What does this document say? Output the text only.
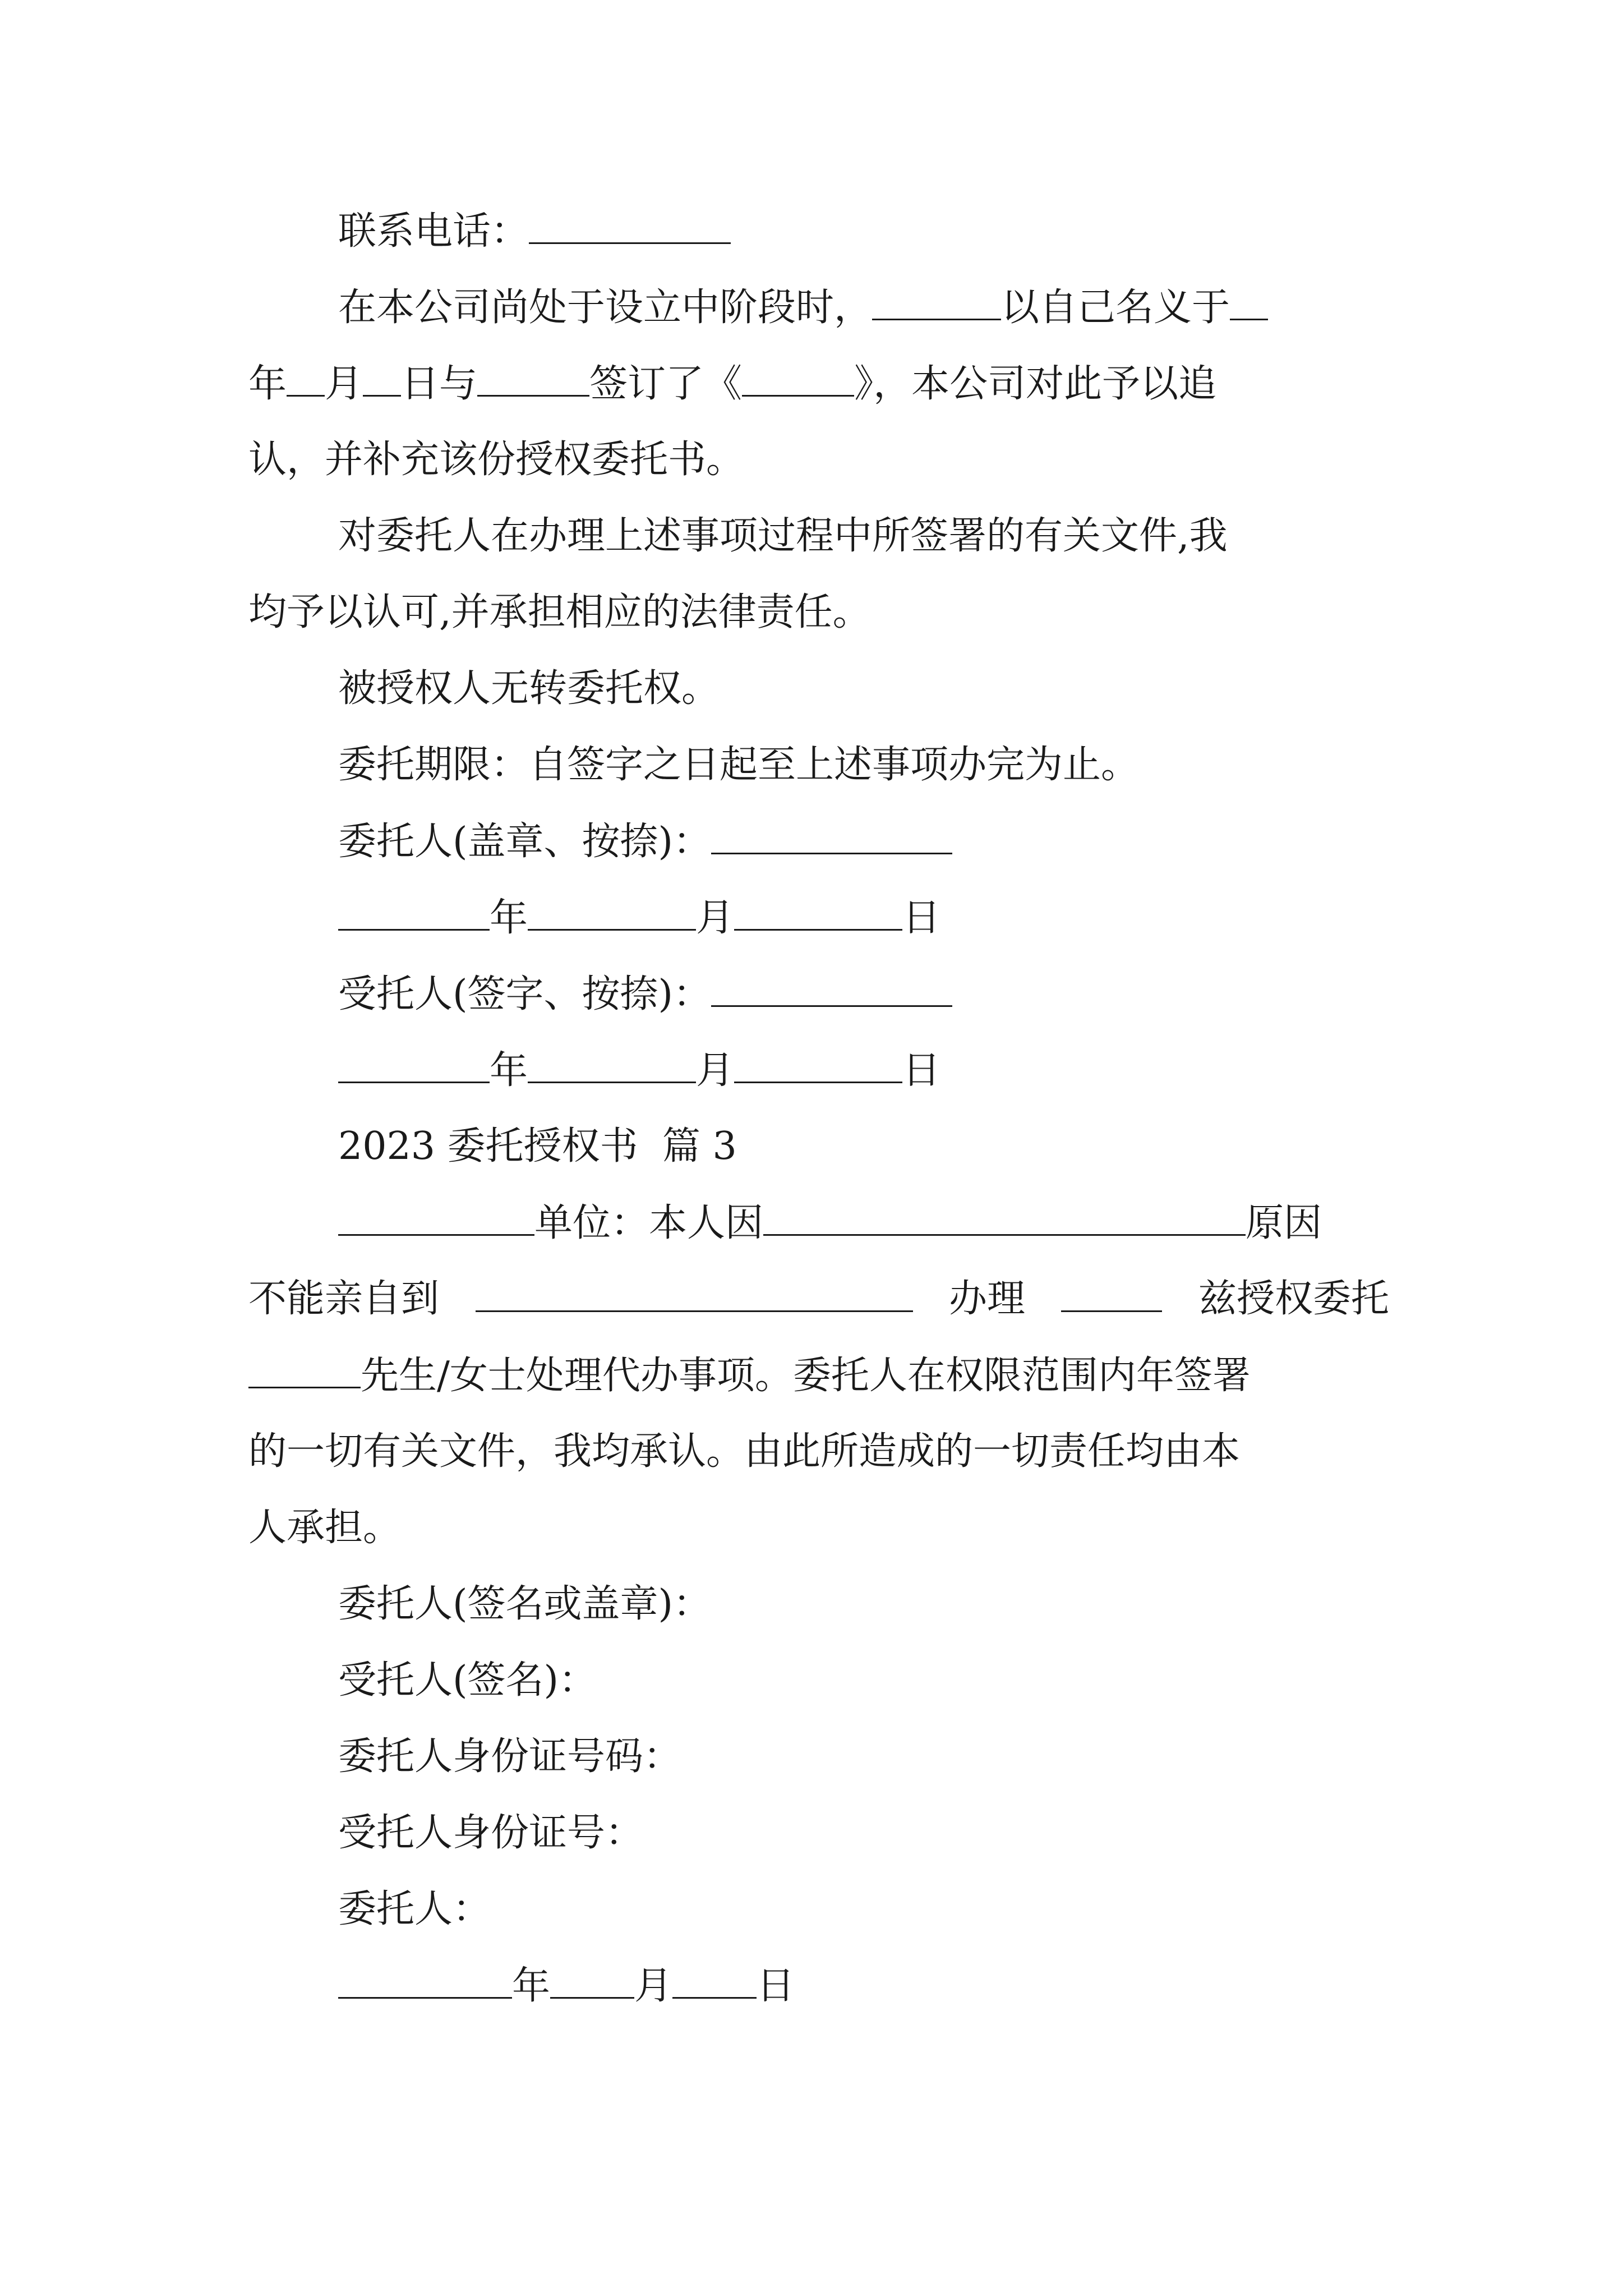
联系电话：
在本公司尚处于设立中阶段时，	以自己名义于
年 月 日与	签订了《	》，本公司对此予以追
认，并补充该份授权委托书。
对委托人在办理上述事项过程中所签署的有关文件,我
均予以认可,并承担相应的法律责任。
被授权人无转委托权。
委托期限：自签字之日起至上述事项办完为止。
委托人(盖章、按捺)：
年	月	日
受托人(签字、按捺)：
年	月	日
2023 委托授权书  篇 3
单位：本人因	原因
不能亲自到	办理	兹授权委托
先生/女士处理代办事项。委托人在权限范围内年签署
的一切有关文件，我均承认。由此所造成的一切责任均由本
人承担。
委托人(签名或盖章)：
受托人(签名)：
委托人身份证号码：
受托人身份证号：
委托人：
年 月 日
